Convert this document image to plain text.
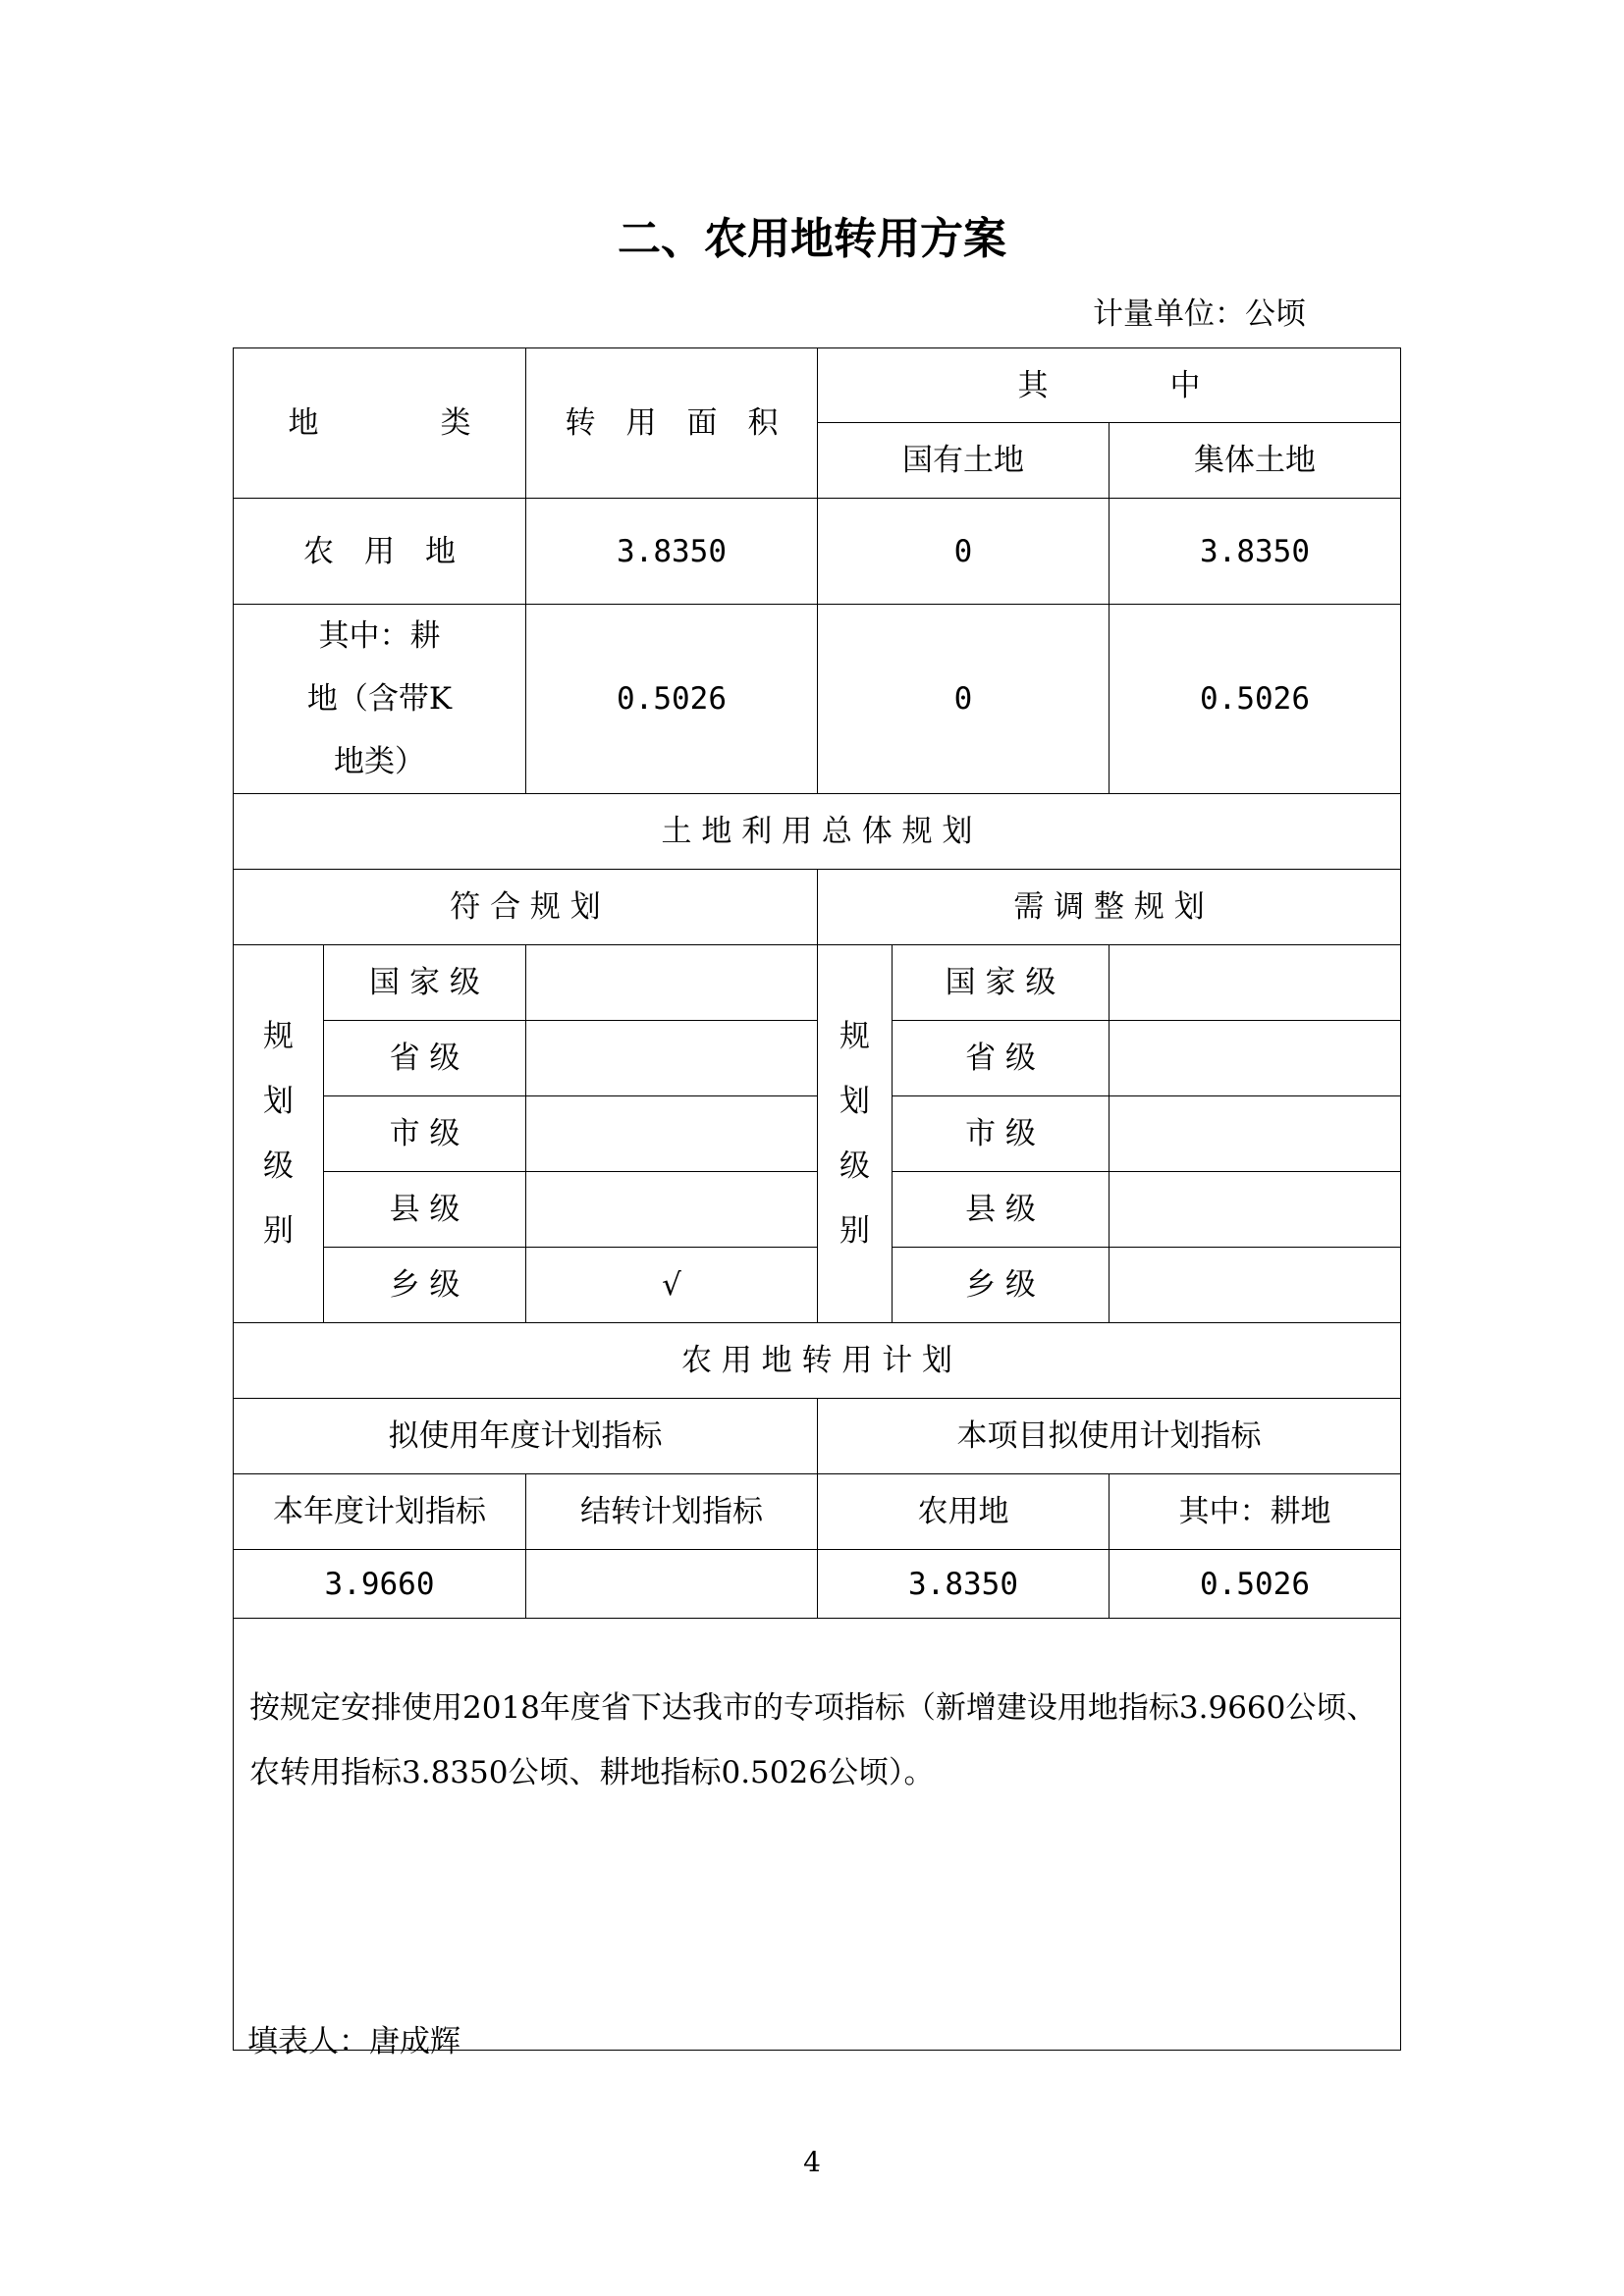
二、农用地转用方案
计量单位：公顷
地　　　　类		转　用　面　积	其　　　　中		
			国有土地		集体土地
农　用　地		3.8350	0		3.8350

其中：耕地（含带K地类）		0.5026	0		0.5026
土 地 利 用 总 体 规 划					
符 合 规 划			需 调 整 规 划		
规划级别	国 家 级		规划级别	国 家 级	
	省 级			省 级	
	市 级			市 级	
	县 级			县 级	
	乡 级	√		乡 级	
农 用 地 转 用 计 划					
拟使用年度计划指标			本项目拟使用计划指标		
本年度计划指标		结转计划指标	农用地		其中：耕地
3.9660			3.8350		0.5026
按规定安排使用2018年度省下达我市的专项指标（新增建设用地指标3.9660公顷、农转用指标3.8350公顷、耕地指标0.5026公顷）。					
填表人：唐成辉
4
